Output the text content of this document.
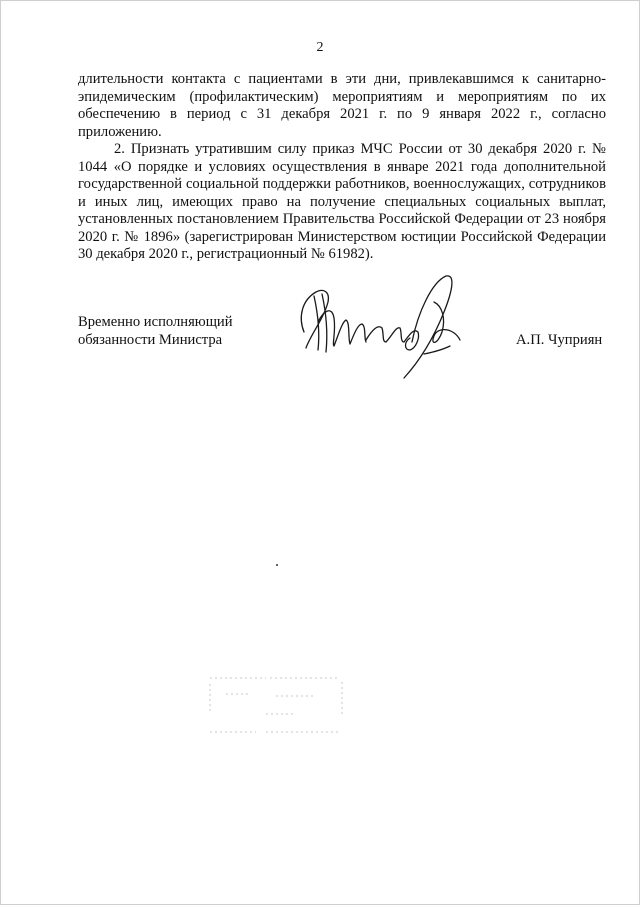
2

длительности контакта с пациентами в эти дни, привлекавшимся к санитарно-эпидемическим (профилактическим) мероприятиям и мероприятиям по их обеспечению в период с 31 декабря 2021 г. по 9 января 2022 г., согласно приложению.

2. Признать утратившим силу приказ МЧС России от 30 декабря 2020 г. № 1044 «О порядке и условиях осуществления в январе 2021 года дополнительной государственной социальной поддержки работников, военнослужащих, сотрудников и иных лиц, имеющих право на получение специальных социальных выплат, установленных постановлением Правительства Российской Федерации от 23 ноября 2020 г. № 1896» (зарегистрирован Министерством юстиции Российской Федерации 30 декабря 2020 г., регистрационный № 61982).

Временно исполняющий
обязанности Министра	А.П. Чуприян
